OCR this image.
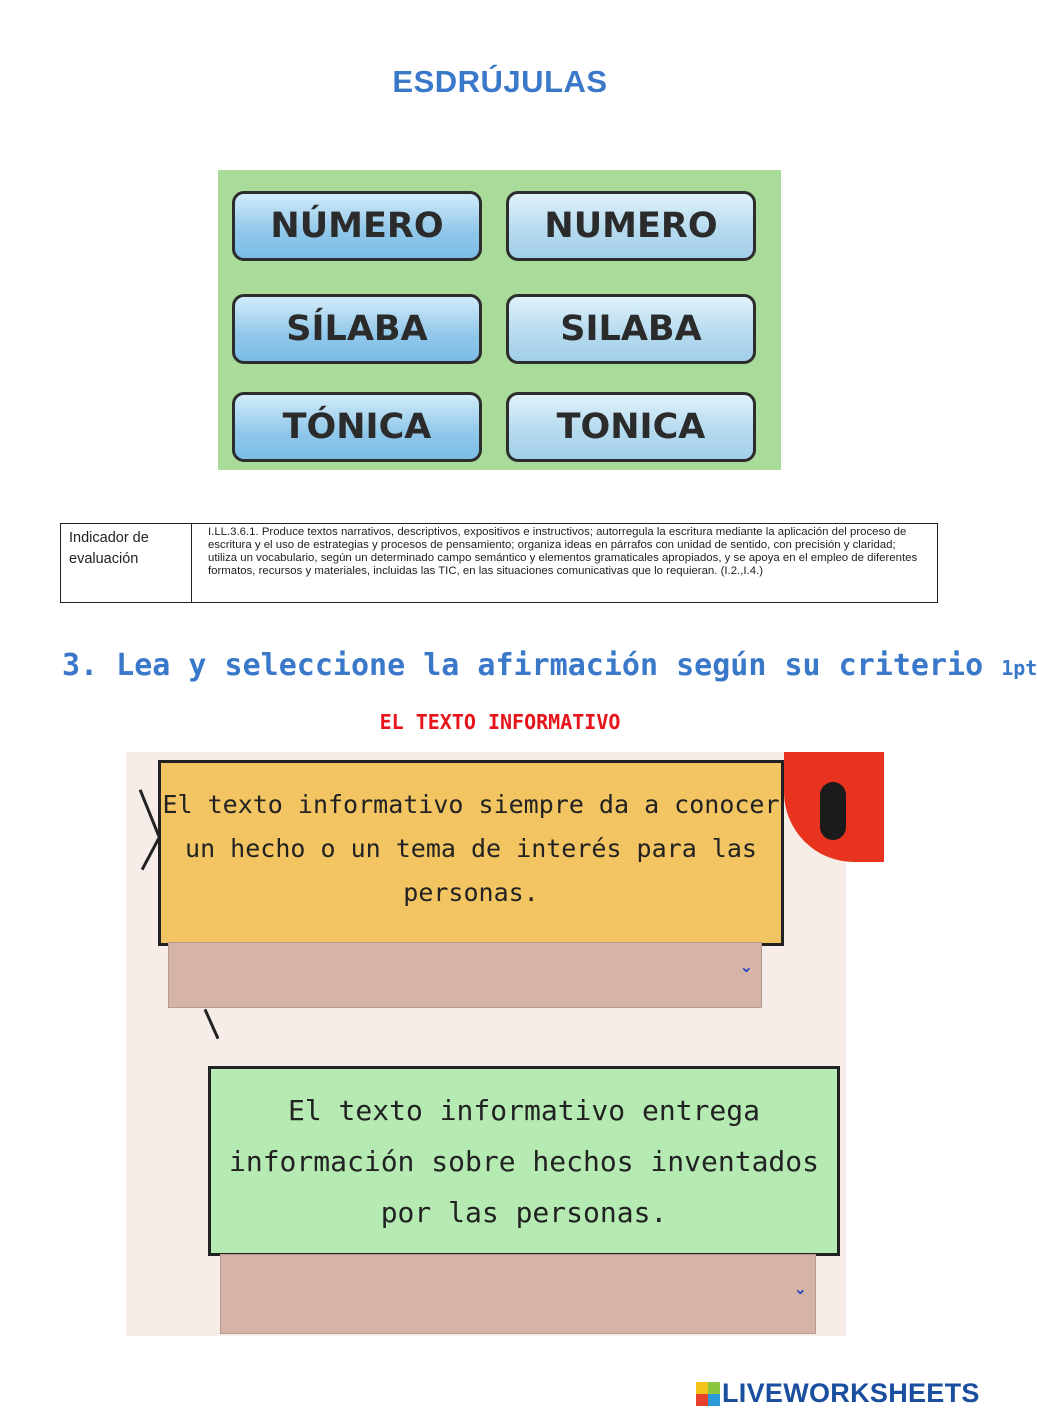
ESDRÚJULAS
NÚMERO	NUMERO
SÍLABA	SILABA
TÓNICA	TONICA
Indicador de evaluación
I.LL.3.6.1. Produce textos narrativos, descriptivos, expositivos e instructivos; autorregula la escritura mediante la aplicación del proceso de escritura y el uso de estrategias y procesos de pensamiento; organiza ideas en párrafos con unidad de sentido, con precisión y claridad; utiliza un vocabulario, según un determinado campo semántico y elementos gramaticales apropiados, y se apoya en el empleo de diferentes formatos, recursos y materiales, incluidas las TIC, en las situaciones comunicativas que lo requieran. (I.2.,I.4.)
3. Lea y seleccione la afirmación según su criterio 1pt
EL TEXTO INFORMATIVO
El texto informativo siempre da a conocer un hecho o un tema de interés para las personas.
⌄
El texto informativo entrega información sobre hechos inventados por las personas.
⌄
LIVEWORKSHEETS
